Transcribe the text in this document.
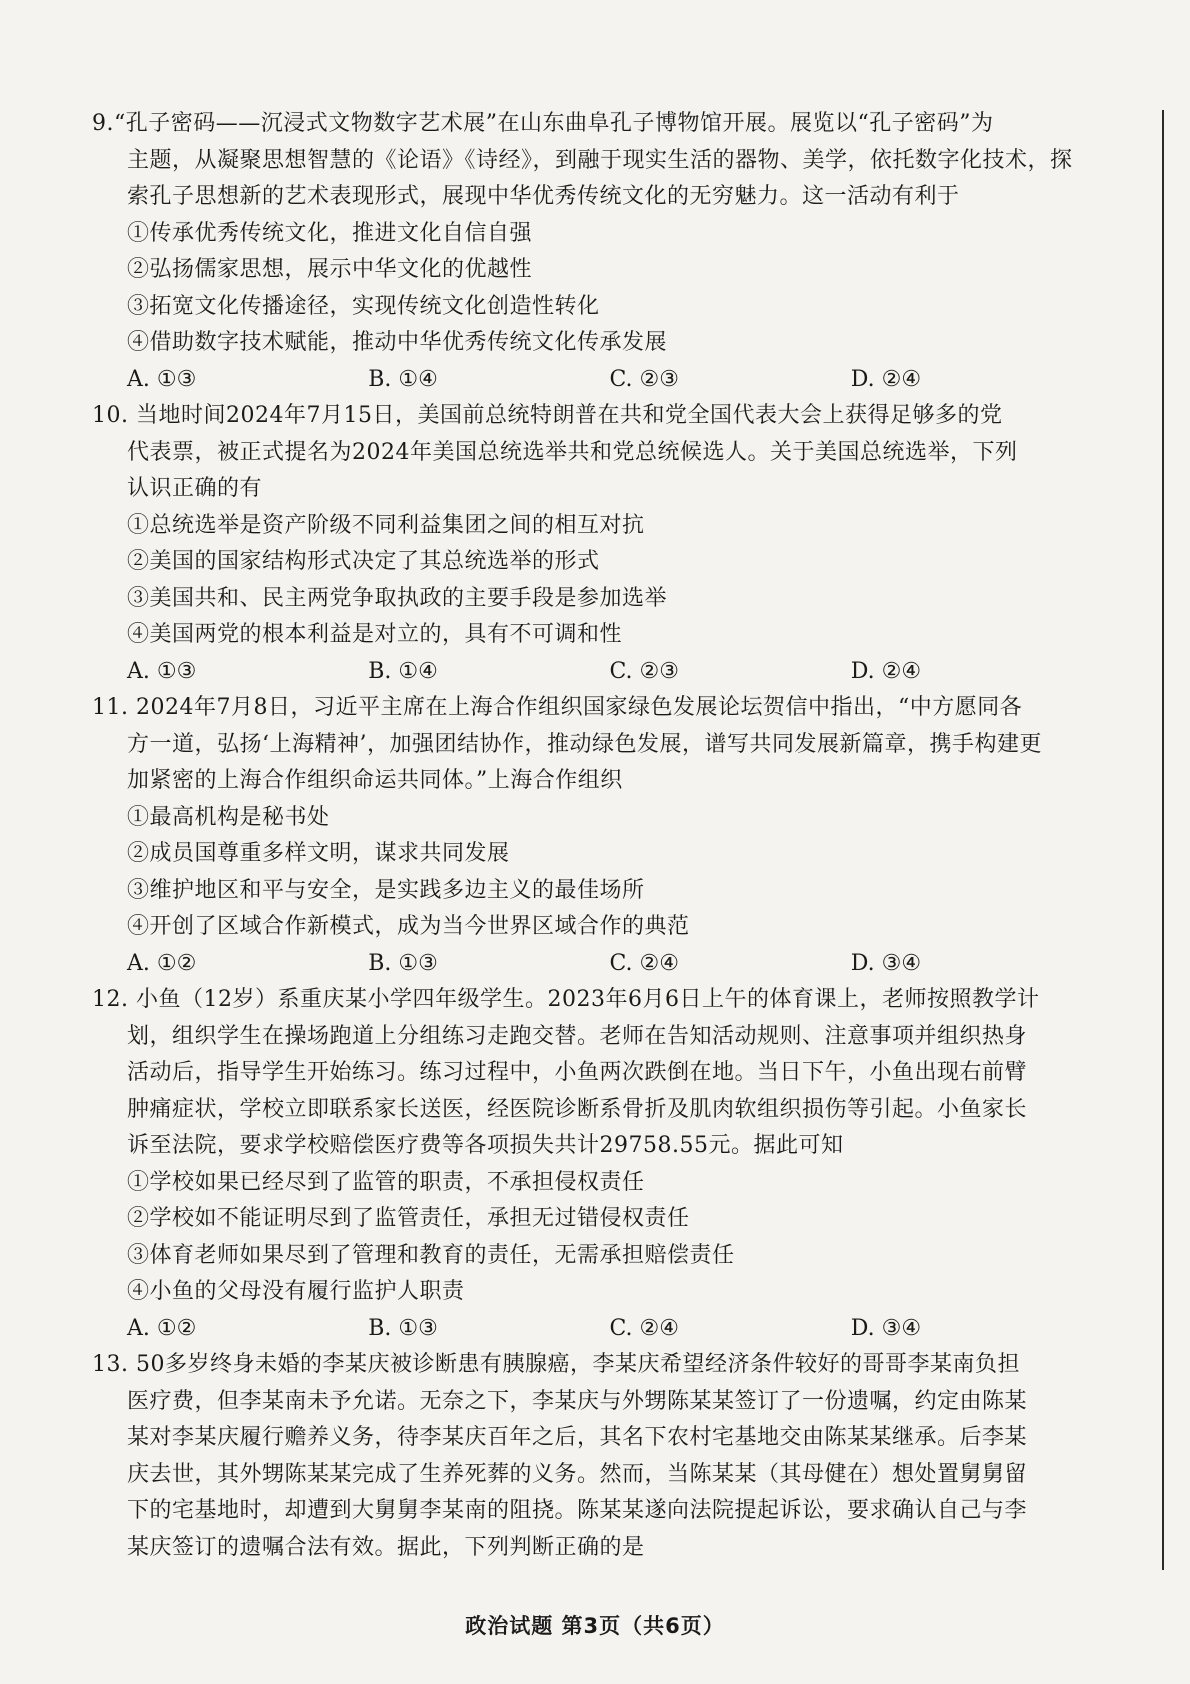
9.“孔子密码——沉浸式文物数字艺术展”在山东曲阜孔子博物馆开展。展览以“孔子密码”为
主题，从凝聚思想智慧的《论语》《诗经》，到融于现实生活的器物、美学，依托数字化技术，探
索孔子思想新的艺术表现形式，展现中华优秀传统文化的无穷魅力。这一活动有利于
①传承优秀传统文化，推进文化自信自强
②弘扬儒家思想，展示中华文化的优越性
③拓宽文化传播途径，实现传统文化创造性转化
④借助数字技术赋能，推动中华优秀传统文化传承发展
A. ①③	B. ①④	C. ②③	D. ②④
10. 当地时间2024年7月15日，美国前总统特朗普在共和党全国代表大会上获得足够多的党
代表票，被正式提名为2024年美国总统选举共和党总统候选人。关于美国总统选举，下列
认识正确的有
①总统选举是资产阶级不同利益集团之间的相互对抗
②美国的国家结构形式决定了其总统选举的形式
③美国共和、民主两党争取执政的主要手段是参加选举
④美国两党的根本利益是对立的，具有不可调和性
A. ①③	B. ①④	C. ②③	D. ②④
11. 2024年7月8日，习近平主席在上海合作组织国家绿色发展论坛贺信中指出，“中方愿同各
方一道，弘扬‘上海精神’，加强团结协作，推动绿色发展，谱写共同发展新篇章，携手构建更
加紧密的上海合作组织命运共同体。”上海合作组织
①最高机构是秘书处
②成员国尊重多样文明，谋求共同发展
③维护地区和平与安全，是实践多边主义的最佳场所
④开创了区域合作新模式，成为当今世界区域合作的典范
A. ①②	B. ①③	C. ②④	D. ③④
12. 小鱼（12岁）系重庆某小学四年级学生。2023年6月6日上午的体育课上，老师按照教学计
划，组织学生在操场跑道上分组练习走跑交替。老师在告知活动规则、注意事项并组织热身
活动后，指导学生开始练习。练习过程中，小鱼两次跌倒在地。当日下午，小鱼出现右前臂
肿痛症状，学校立即联系家长送医，经医院诊断系骨折及肌肉软组织损伤等引起。小鱼家长
诉至法院，要求学校赔偿医疗费等各项损失共计29758.55元。据此可知
①学校如果已经尽到了监管的职责，不承担侵权责任
②学校如不能证明尽到了监管责任，承担无过错侵权责任
③体育老师如果尽到了管理和教育的责任，无需承担赔偿责任
④小鱼的父母没有履行监护人职责
A. ①②	B. ①③	C. ②④	D. ③④
13. 50多岁终身未婚的李某庆被诊断患有胰腺癌，李某庆希望经济条件较好的哥哥李某南负担
医疗费，但李某南未予允诺。无奈之下，李某庆与外甥陈某某签订了一份遗嘱，约定由陈某
某对李某庆履行赡养义务，待李某庆百年之后，其名下农村宅基地交由陈某某继承。后李某
庆去世，其外甥陈某某完成了生养死葬的义务。然而，当陈某某（其母健在）想处置舅舅留
下的宅基地时，却遭到大舅舅李某南的阻挠。陈某某遂向法院提起诉讼，要求确认自己与李
某庆签订的遗嘱合法有效。据此，下列判断正确的是
政治试题 第3页（共6页）
